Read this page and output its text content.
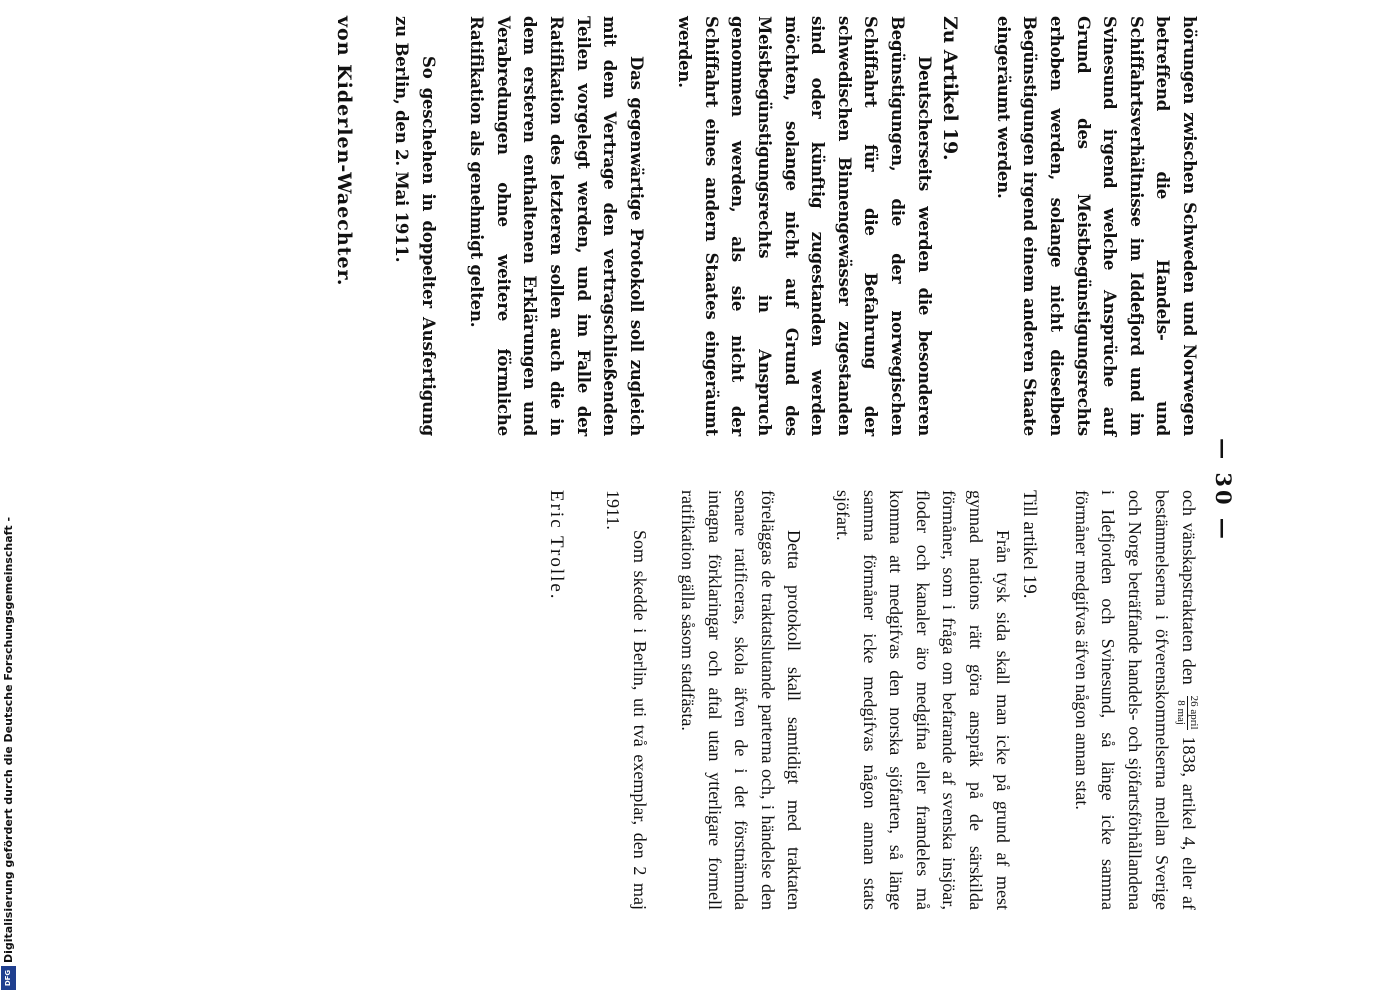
— 30 —

hörungen zwischen Schweden und Norwegen betreffend die Handels- und Schiffahrtsverhältnisse im Iddefjord und im Svinesund irgend welche Ansprüche auf Grund des Meistbegünstigungsrechts erhoben werden, solange nicht dieselben Begünstigungen irgend einem anderen Staate eingeräumt werden.

Zu Artikel 19.

Deutscherseits werden die besonderen Begünstigungen, die der norwegischen Schiffahrt für die Befahrung der schwedischen Binnengewässer zugestanden sind oder künftig zugestanden werden möchten, solange nicht auf Grund des Meistbegünstigungsrechts in Anspruch genommen werden, als sie nicht der Schiffahrt eines andern Staates eingeräumt werden.

Das gegenwärtige Protokoll soll zugleich mit dem Vertrage den vertragschließenden Teilen vorgelegt werden, und im Falle der Ratifikation des letzteren sollen auch die in dem ersteren enthaltenen Erklärungen und Verabredungen ohne weitere förmliche Ratifikation als genehmigt gelten.

So geschehen in doppelter Ausfertigung zu Berlin, den 2. Mai 1911.

von Kiderlen-Waechter.

och vänskapstraktaten den
26 april
8 maj
1838, artikel 4, eller af bestämmelserna i öfverenskommelserna mellan Sverige och Norge beträffande handels- och sjöfartsförhållandena i Idefjorden och Svinesund, så länge icke samma förmåner medgifvas äfven någon annan stat.

Till artikel 19.

Från tysk sida skall man icke på grund af mest gynnad nations rätt göra anspråk på de särskilda förmåner, som i fråga om befarande af svenska insjöar, floder och kanaler äro medgifna eller framdeles må komma att medgifvas den norska sjöfarten, så länge samma förmåner icke medgifvas någon annan stats sjöfart.

Detta protokoll skall samtidigt med traktaten föreläggas de traktatslutande parterna och, i händelse den senare ratificeras, skola äfven de i det förstnämnda intagna förklaringar och aftal utan ytterligare formell ratifikation gälla såsom stadfästa.

Som skedde i Berlin, uti två exemplar, den 2 maj 1911.

Eric Trolle.

Digitalisierung gefördert durch die Deutsche Forschungsgemeinschaft -
DFG
